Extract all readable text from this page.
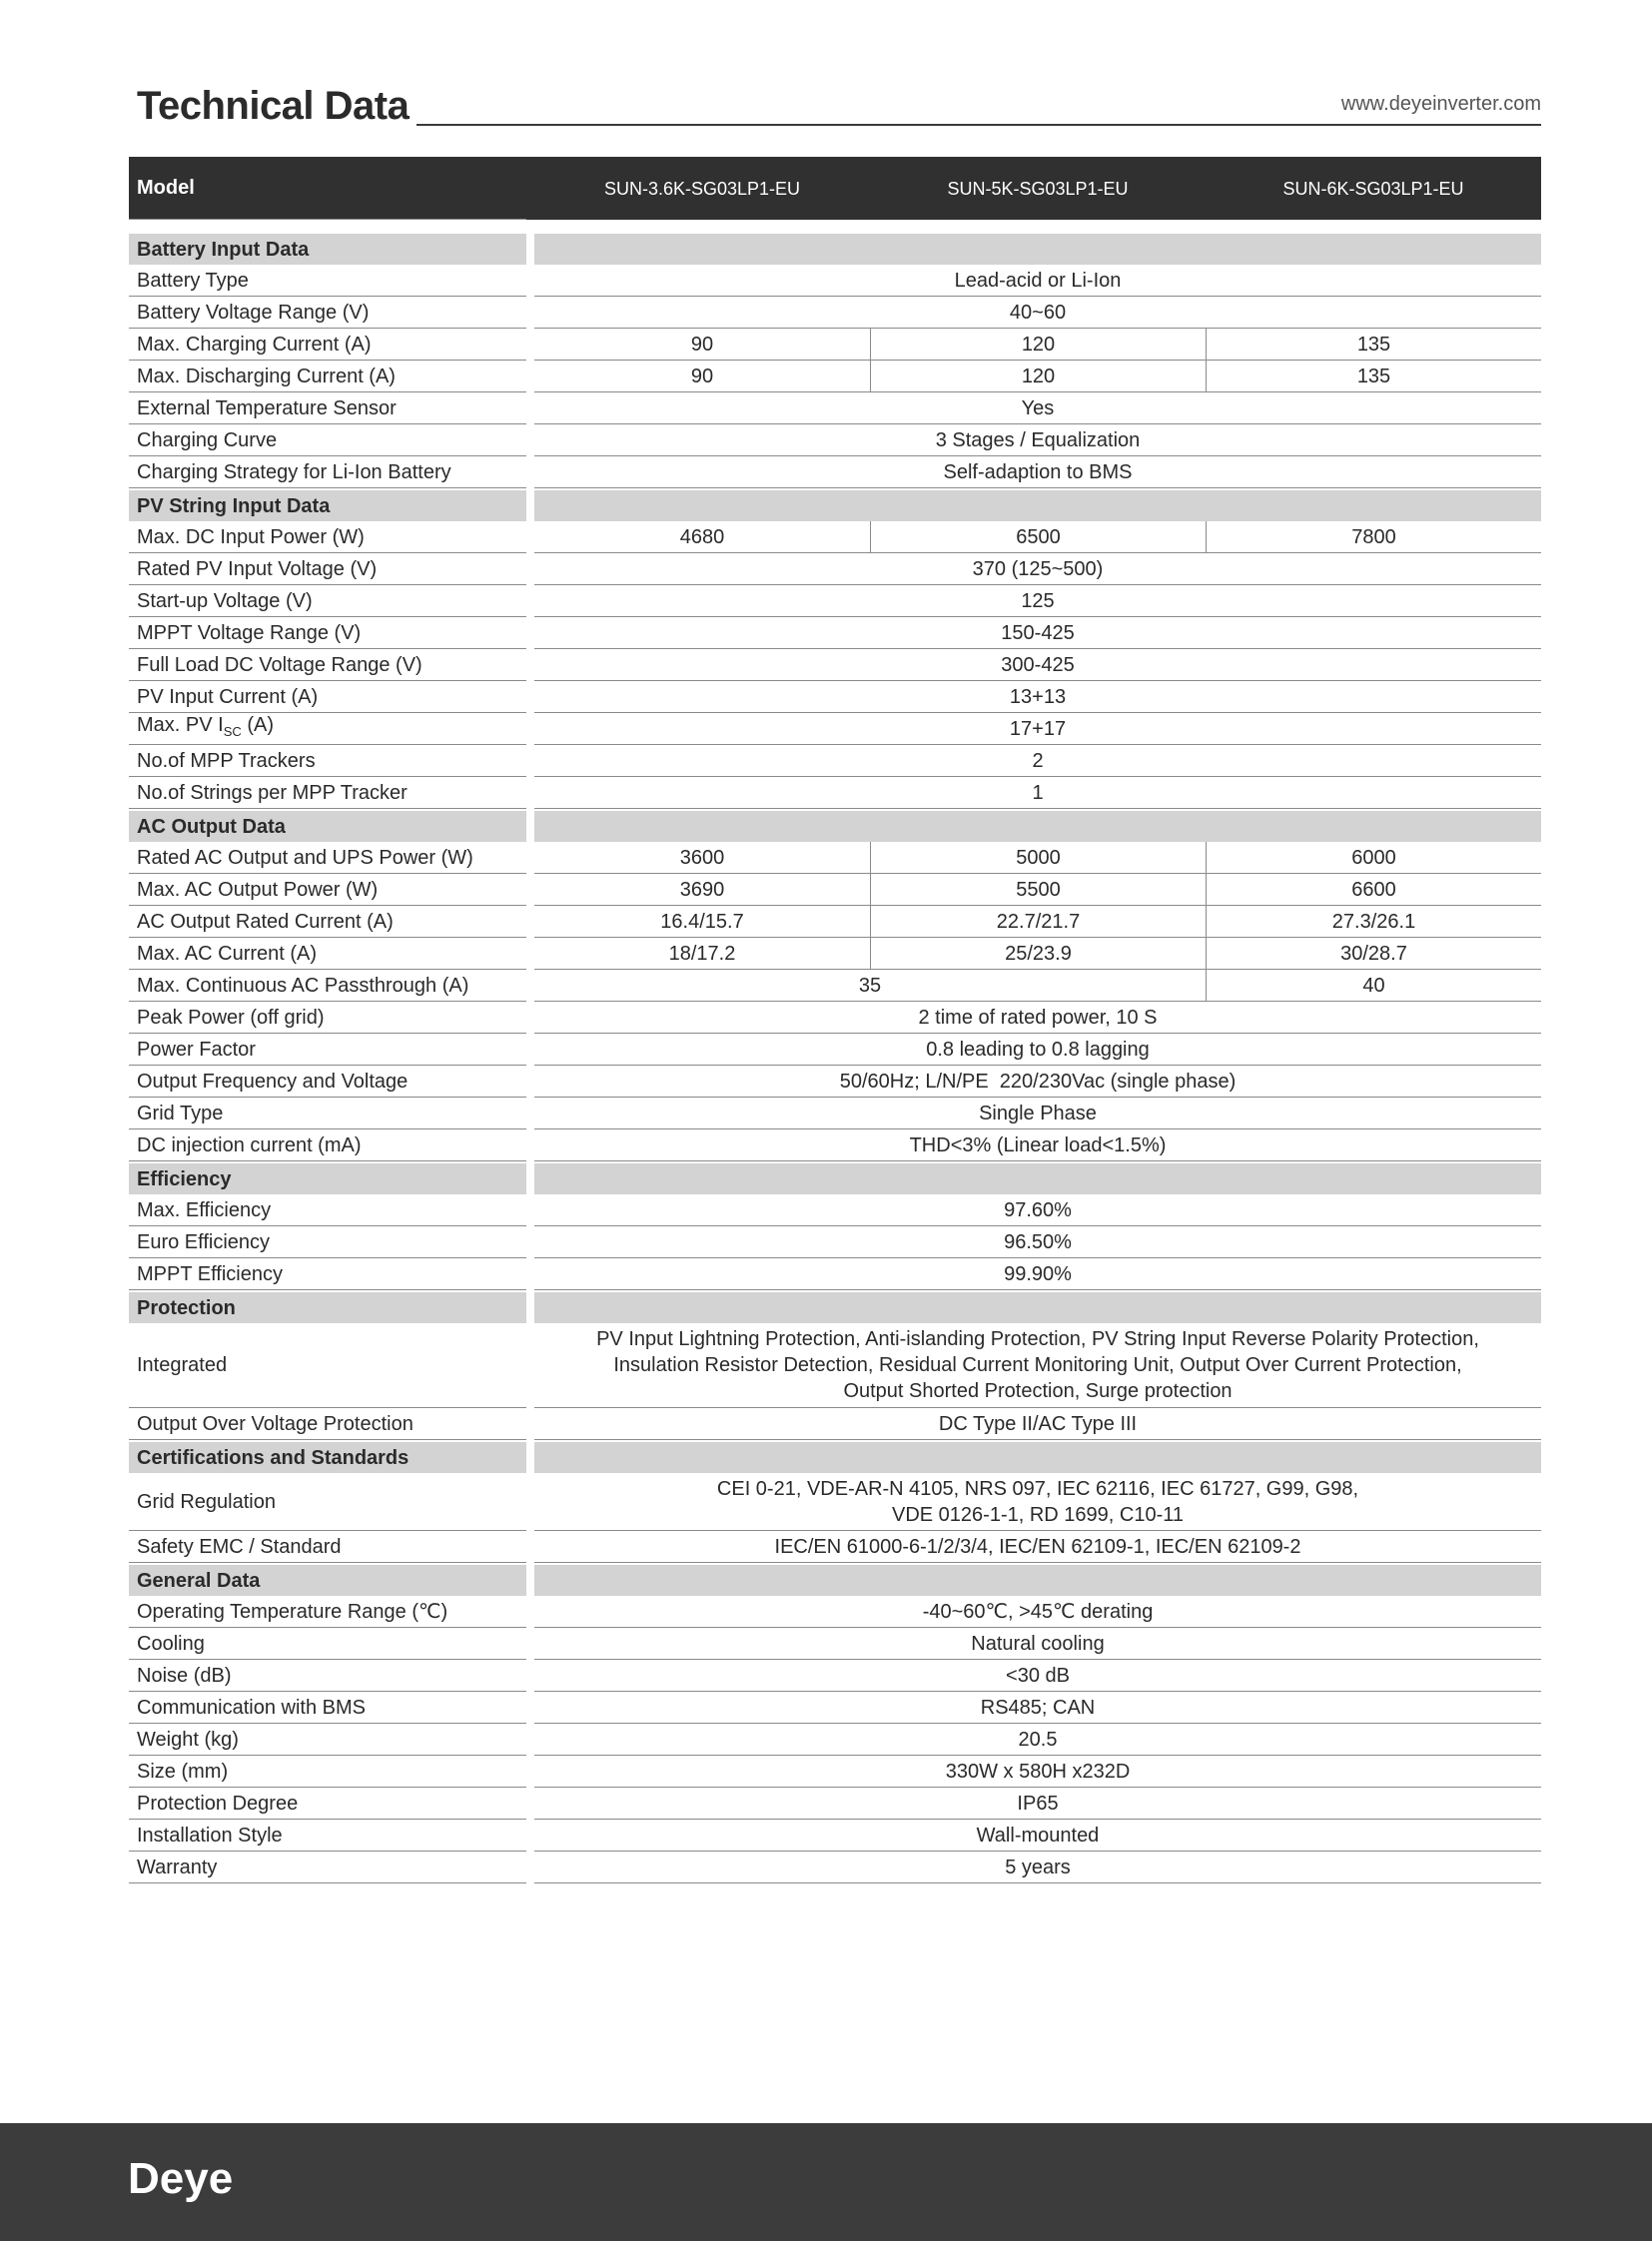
Technical Data	www.deyeinverter.com
Model		SUN-3.6K-SG03LP1-EU	SUN-5K-SG03LP1-EU	SUN-6K-SG03LP1-EU

Battery Input Data				
Battery Type		Lead-acid or Li-Ion		
Battery Voltage Range (V)		40~60		
Max. Charging Current (A)		90	120	135
Max. Discharging Current (A)		90	120	135
External Temperature Sensor		Yes		
Charging Curve		3 Stages / Equalization		
Charging Strategy for Li-Ion Battery		Self-adaption to BMS		
PV String Input Data				
Max. DC Input Power (W)		4680	6500	7800
Rated PV Input Voltage (V)		370 (125~500)		
Start-up Voltage (V)		125		
MPPT Voltage Range (V)		150-425		
Full Load DC Voltage Range (V)		300-425		
PV Input Current (A)		13+13		
Max. PV $I_{SC}$ (A)		17+17		
No.of MPP Trackers		2		
No.of Strings per MPP Tracker		1		
AC Output Data				
Rated AC Output and UPS Power (W)		3600	5000	6000
Max. AC Output Power (W)		3690	5500	6600
AC Output Rated Current (A)		16.4/15.7	22.7/21.7	27.3/26.1
Max. AC Current (A)		18/17.2	25/23.9	30/28.7
Max. Continuous AC Passthrough (A)		35		40
Peak Power (off grid)		2 time of rated power, 10 S		
Power Factor		0.8 leading to 0.8 lagging		
Output Frequency and Voltage		50/60Hz; L/N/PE  220/230Vac (single phase)		
Grid Type		Single Phase		
DC injection current (mA)		THD<3% (Linear load<1.5%)		
Efficiency				
Max. Efficiency		97.60%		
Euro Efficiency		96.50%		
MPPT Efficiency		99.90%		
Protection				
Integrated		PV Input Lightning Protection, Anti-islanding Protection, PV String Input Reverse Polarity Protection,
Insulation Resistor Detection, Residual Current Monitoring Unit, Output Over Current Protection,
Output Shorted Protection, Surge protection		

Output Over Voltage Protection		DC Type II/AC Type III		
Certifications and Standards				
Grid Regulation		CEI 0-21, VDE-AR-N 4105, NRS 097, IEC 62116, IEC 61727, G99, G98,
VDE 0126-1-1, RD 1699, C10-11		

Safety EMC / Standard		IEC/EN 61000-6-1/2/3/4, IEC/EN 62109-1, IEC/EN 62109-2		
General Data				
Operating Temperature Range (℃)		-40~60℃, >45℃ derating		
Cooling		Natural cooling		
Noise (dB)		<30 dB		
Communication with BMS		RS485; CAN		
Weight (kg)		20.5		
Size (mm)		330W x 580H x232D		
Protection Degree		IP65		
Installation Style		Wall-mounted		
Warranty		5 years		
Deye
